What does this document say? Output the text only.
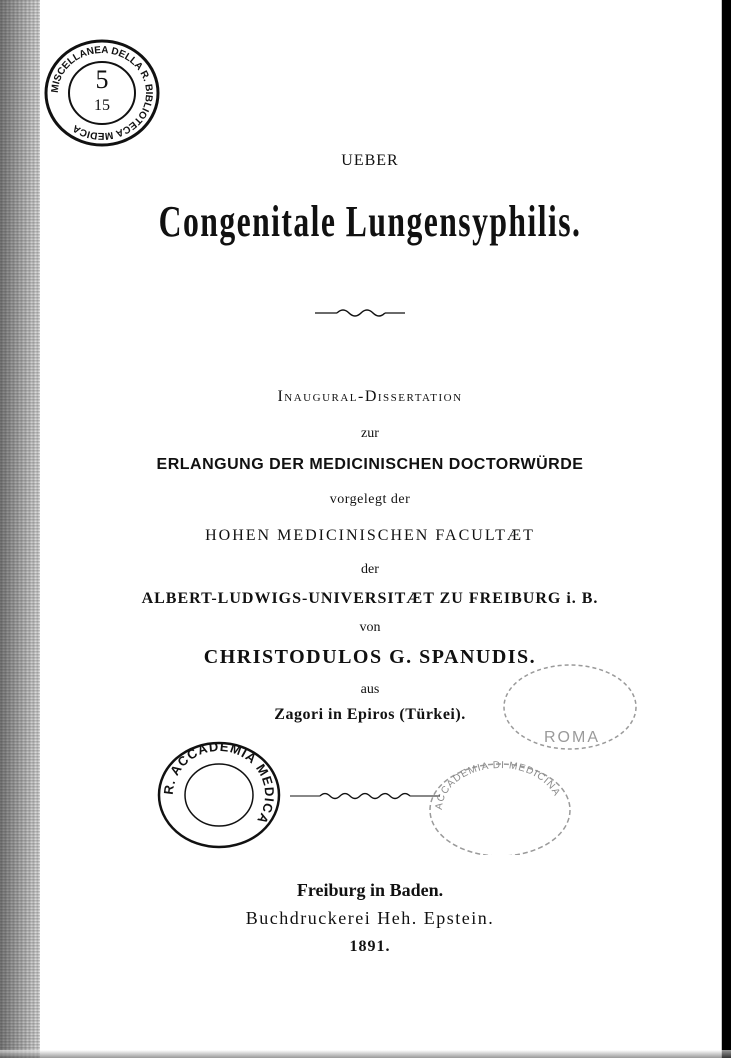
MISCELLANEA DELLA R. BIBLIOTECA MEDICA
5
15
UEBER
Congenitale Lungensyphilis.
Inaugural-Dissertation
zur
ERLANGUNG DER MEDICINISCHEN DOCTORWÜRDE
vorgelegt der
HOHEN MEDICINISCHEN FACULTÆT
der
ALBERT-LUDWIGS-UNIVERSITÆT ZU FREIBURG i. B.
von
CHRISTODULOS G. SPANUDIS.
aus
Zagori in Epiros (Türkei).
ROMA
R. ACCADEMIA MEDICA
ACCADEMIA DI MEDICINA
Freiburg in Baden.
Buchdruckerei Heh. Epstein.
1891.
